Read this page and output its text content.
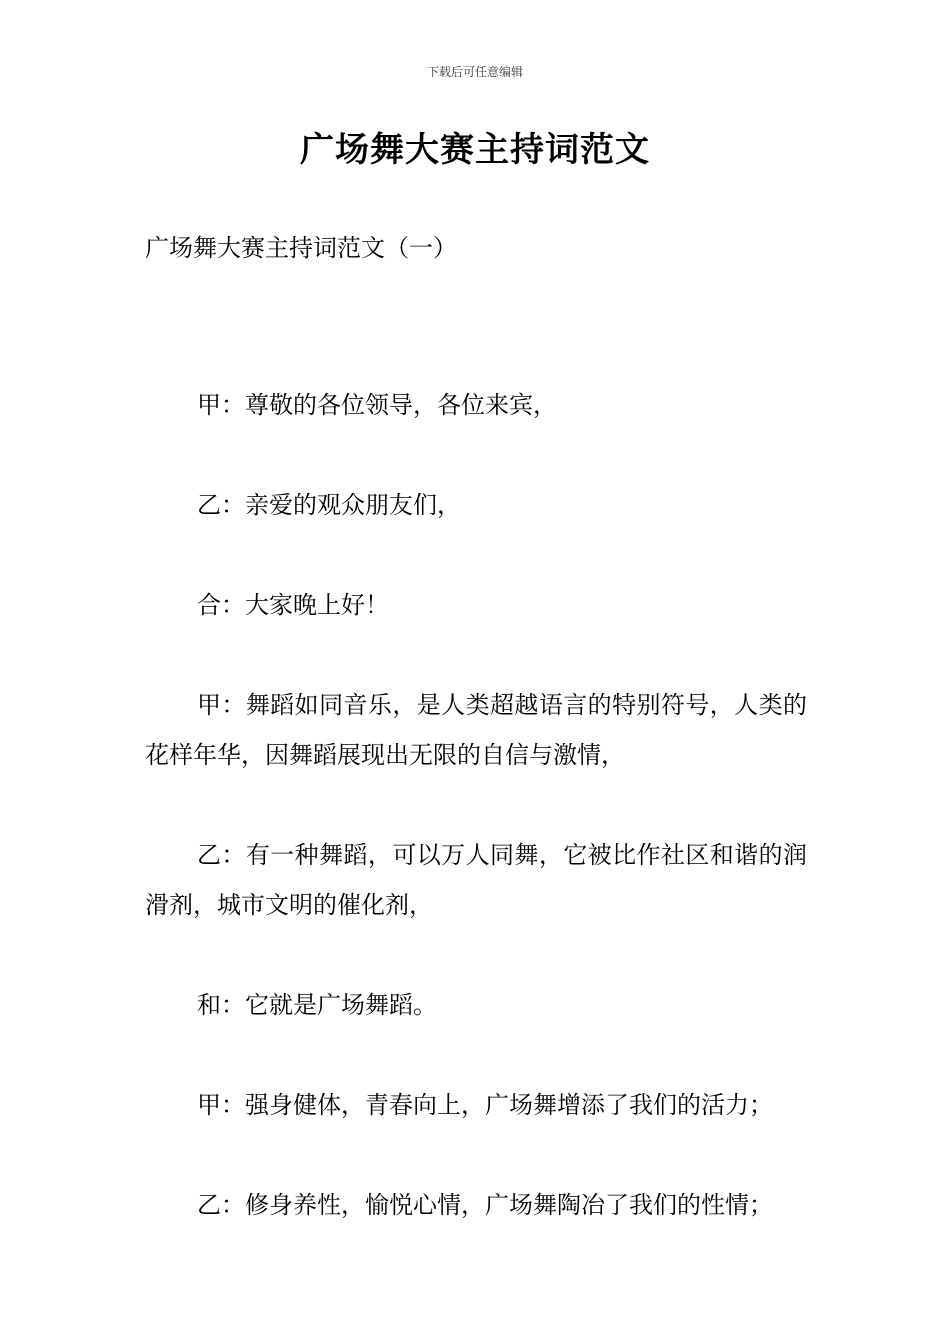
下载后可任意编辑
广场舞大赛主持词范文
广场舞大赛主持词范文（一）

甲：尊敬的各位领导，各位来宾，

乙：亲爱的观众朋友们，

合：大家晚上好！

甲：舞蹈如同音乐，是人类超越语言的特别符号，人类的花样年华，因舞蹈展现出无限的自信与激情，

乙：有一种舞蹈，可以万人同舞，它被比作社区和谐的润滑剂，城市文明的催化剂，

和：它就是广场舞蹈。

甲：强身健体，青春向上，广场舞增添了我们的活力；

乙：修身养性，愉悦心情，广场舞陶冶了我们的性情；
